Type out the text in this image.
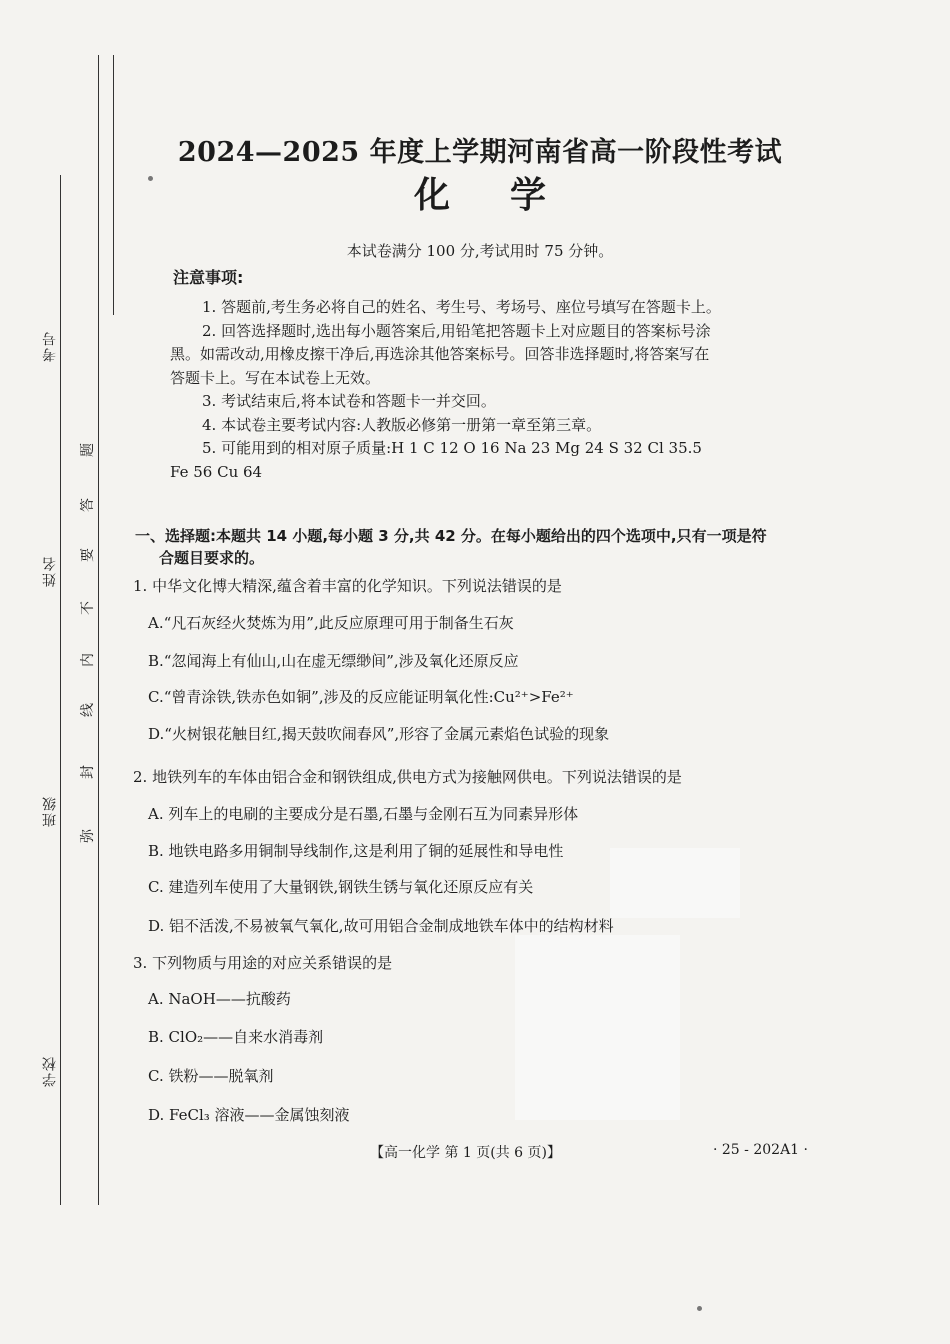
考号
姓名
班级
学校
弥
封
线
内
不
要
答
题
2024—2025 年度上学期河南省高一阶段性考试
化学
本试卷满分 100 分,考试用时 75 分钟。
注意事项:

1. 答题前,考生务必将自己的姓名、考生号、考场号、座位号填写在答题卡上。

2. 回答选择题时,选出每小题答案后,用铅笔把答题卡上对应题目的答案标号涂

黑。如需改动,用橡皮擦干净后,再选涂其他答案标号。回答非选择题时,将答案写在

答题卡上。写在本试卷上无效。

3. 考试结束后,将本试卷和答题卡一并交回。

4. 本试卷主要考试内容:人教版必修第一册第一章至第三章。

5. 可能用到的相对原子质量:H 1 C 12 O 16 Na 23 Mg 24 S 32 Cl 35.5

Fe 56 Cu 64

一、选择题:本题共 14 小题,每小题 3 分,共 42 分。在每小题给出的四个选项中,只有一项是符
合题目要求的。
1. 中华文化博大精深,蕴含着丰富的化学知识。下列说法错误的是
A.“凡石灰经火焚炼为用”,此反应原理可用于制备生石灰
B.“忽闻海上有仙山,山在虚无缥缈间”,涉及氧化还原反应
C.“曾青涂铁,铁赤色如铜”,涉及的反应能证明氧化性:Cu²⁺>Fe²⁺
D.“火树银花触目红,揭天鼓吹闹春风”,形容了金属元素焰色试验的现象
2. 地铁列车的车体由铝合金和钢铁组成,供电方式为接触网供电。下列说法错误的是
A. 列车上的电刷的主要成分是石墨,石墨与金刚石互为同素异形体
B. 地铁电路多用铜制导线制作,这是利用了铜的延展性和导电性
C. 建造列车使用了大量钢铁,钢铁生锈与氧化还原反应有关
D. 铝不活泼,不易被氧气氧化,故可用铝合金制成地铁车体中的结构材料
3. 下列物质与用途的对应关系错误的是
A. NaOH——抗酸药
B. ClO₂——自来水消毒剂
C. 铁粉——脱氧剂
D. FeCl₃ 溶液——金属蚀刻液
【高一化学 第 1 页(共 6 页)】	· 25 - 202A1 ·
